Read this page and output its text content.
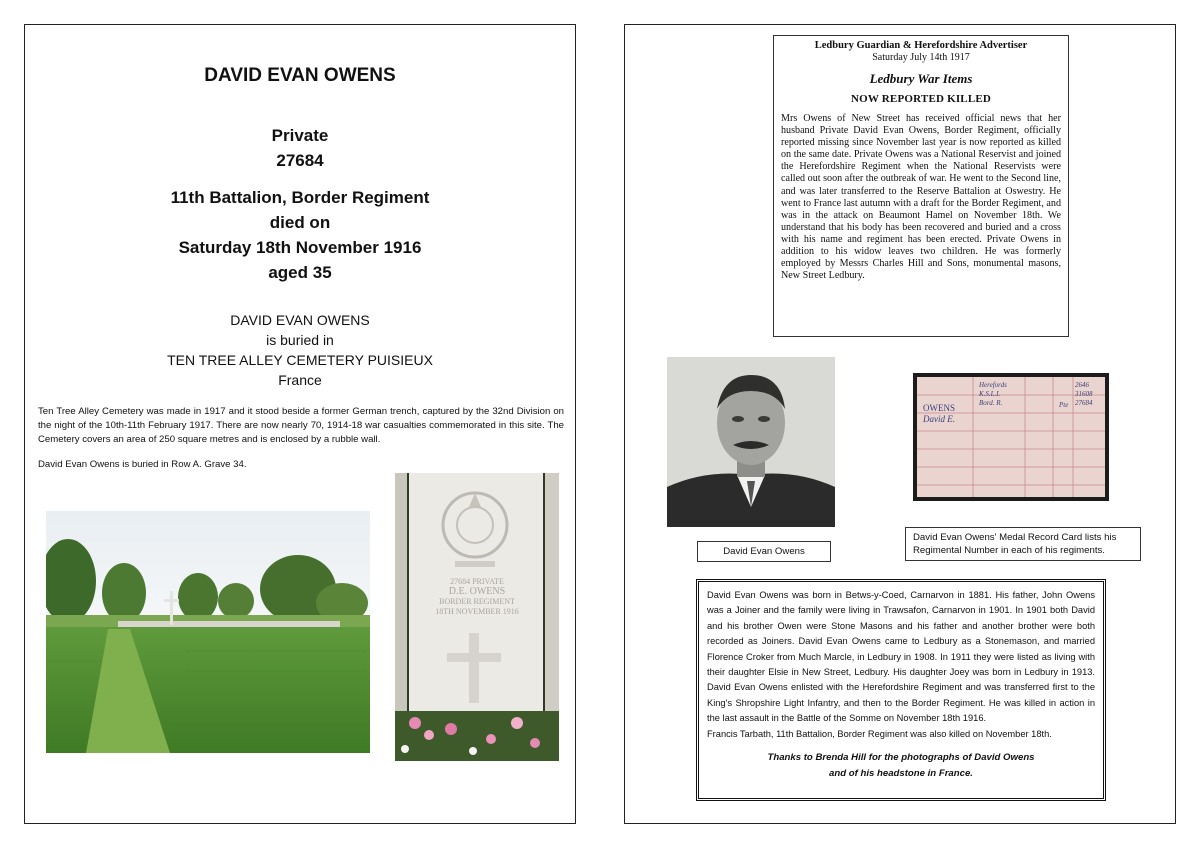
DAVID EVAN OWENS
Private
27684
11th Battalion, Border Regiment
died on
Saturday 18th November 1916
aged 35
DAVID EVAN OWENS
is buried in
TEN TREE ALLEY CEMETERY PUISIEUX
France
Ten Tree Alley Cemetery was made in 1917 and it stood beside a former German trench, captured by the 32nd Division on the night of the 10th-11th February 1917. There are now nearly 70, 1914-18 war casualties commemorated in this site. The Cemetery covers an area of 250 square metres and is enclosed by a rubble wall.
David Evan Owens is buried in Row A. Grave 34.
27684 PRIVATE
D.E. OWENS
BORDER REGIMENT
18TH NOVEMBER 1916
Ledbury Guardian & Herefordshire Advertiser
Saturday July 14th 1917
Ledbury War Items
NOW REPORTED KILLED
Mrs Owens of New Street has received official news that her husband Private David Evan Owens, Border Regiment, officially reported missing since November last year is now reported as killed on the same date. Private Owens was a National Reservist and joined the Herefordshire Regiment when the National Reservists were called out soon after the outbreak of war. He went to the Second line, and was later transferred to the Reserve Battalion at Oswestry. He went to France last autumn with a draft for the Border Regiment, and was in the attack on Beaumont Hamel on November 18th. We understand that his body has been recovered and buried and a cross with his name and regiment has been erected. Private Owens in addition to his widow leaves two children. He was formerly employed by Messrs Charles Hill and Sons, monumental masons, New Street Ledbury.
David Evan Owens
OWENS
David E.
Herefords
K.S.L.I.
Bord. R.	Pte
2646
31608
27684
David Evan Owens' Medal Record Card lists his Regimental Number in each of his regiments.
David Evan Owens was born in Betws-y-Coed, Carnarvon in 1881. His father, John Owens was a Joiner and the family were living in Trawsafon, Carnarvon in 1901. In 1901 both David and his brother Owen were Stone Masons and his father and another brother were both recorded as Joiners. David Evan Owens came to Ledbury as a Stonemason, and married Florence Croker from Much Marcle, in Ledbury in 1908. In 1911 they were listed as living with their daughter Elsie in New Street, Ledbury. His daughter Joey was born in Ledbury in 1913. David Evan Owens enlisted with the Herefordshire Regiment and was transferred first to the King's Shropshire Light Infantry, and then to the Border Regiment. He was killed in action in the last assault in the Battle of the Somme on November 18th 1916.
Francis Tarbath, 11th Battalion, Border Regiment was also killed on November 18th.
Thanks to Brenda Hill for the photographs of David Owens
and of his headstone in France.
